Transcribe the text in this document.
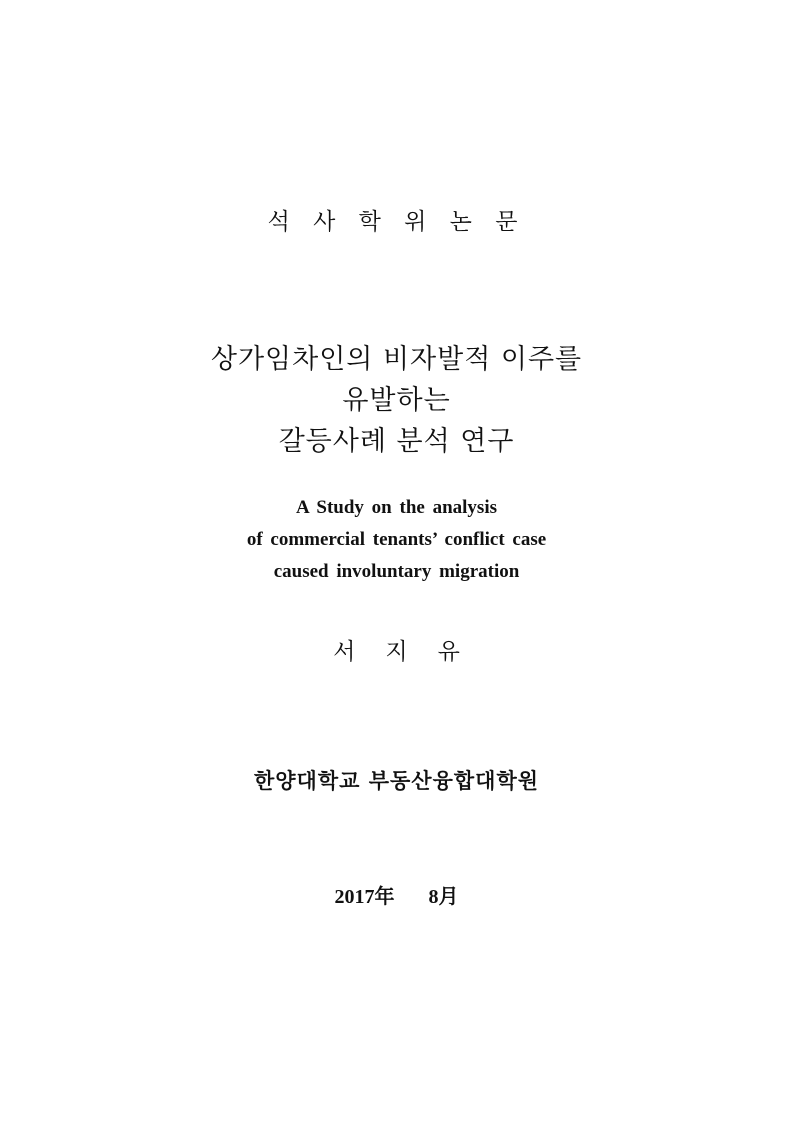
석 사 학 위 논 문
상가임차인의 비자발적 이주를
유발하는
갈등사례 분석 연구
A Study on the analysis
of commercial tenants’ conflict case
caused involuntary migration
서지유
한양대학교 부동산융합대학원
2017年 8月
